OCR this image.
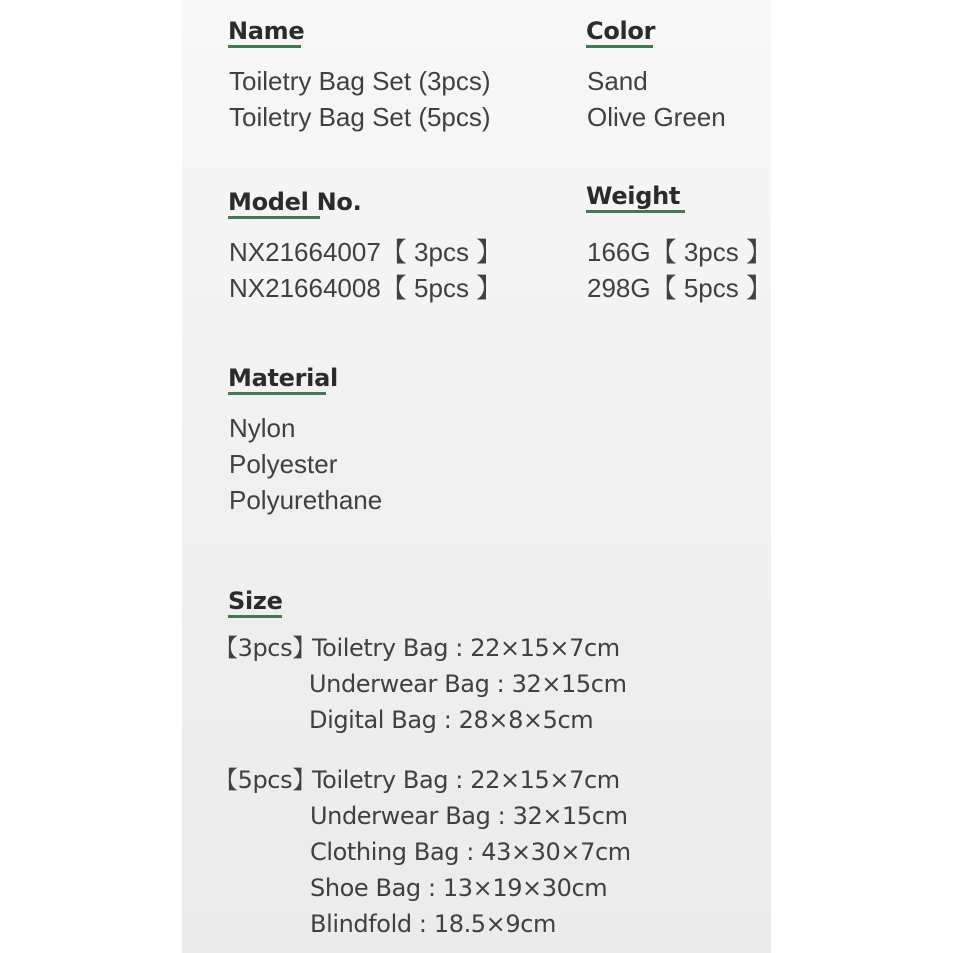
Name
Toiletry Bag Set (3pcs)
Toiletry Bag Set (5pcs)
Color
Sand
Olive Green
Model No.
NX21664007【 3pcs 】
NX21664008【 5pcs 】
Weight
166G【 3pcs 】
298G【 5pcs 】
Material
Nylon
Polyester
Polyurethane
Size
【3pcs】
Toiletry Bag : 22×15×7cm
Underwear Bag : 32×15cm
Digital Bag : 28×8×5cm
【5pcs】
Toiletry Bag : 22×15×7cm
Underwear Bag : 32×15cm
Clothing Bag : 43×30×7cm
Shoe Bag : 13×19×30cm
Blindfold : 18.5×9cm
